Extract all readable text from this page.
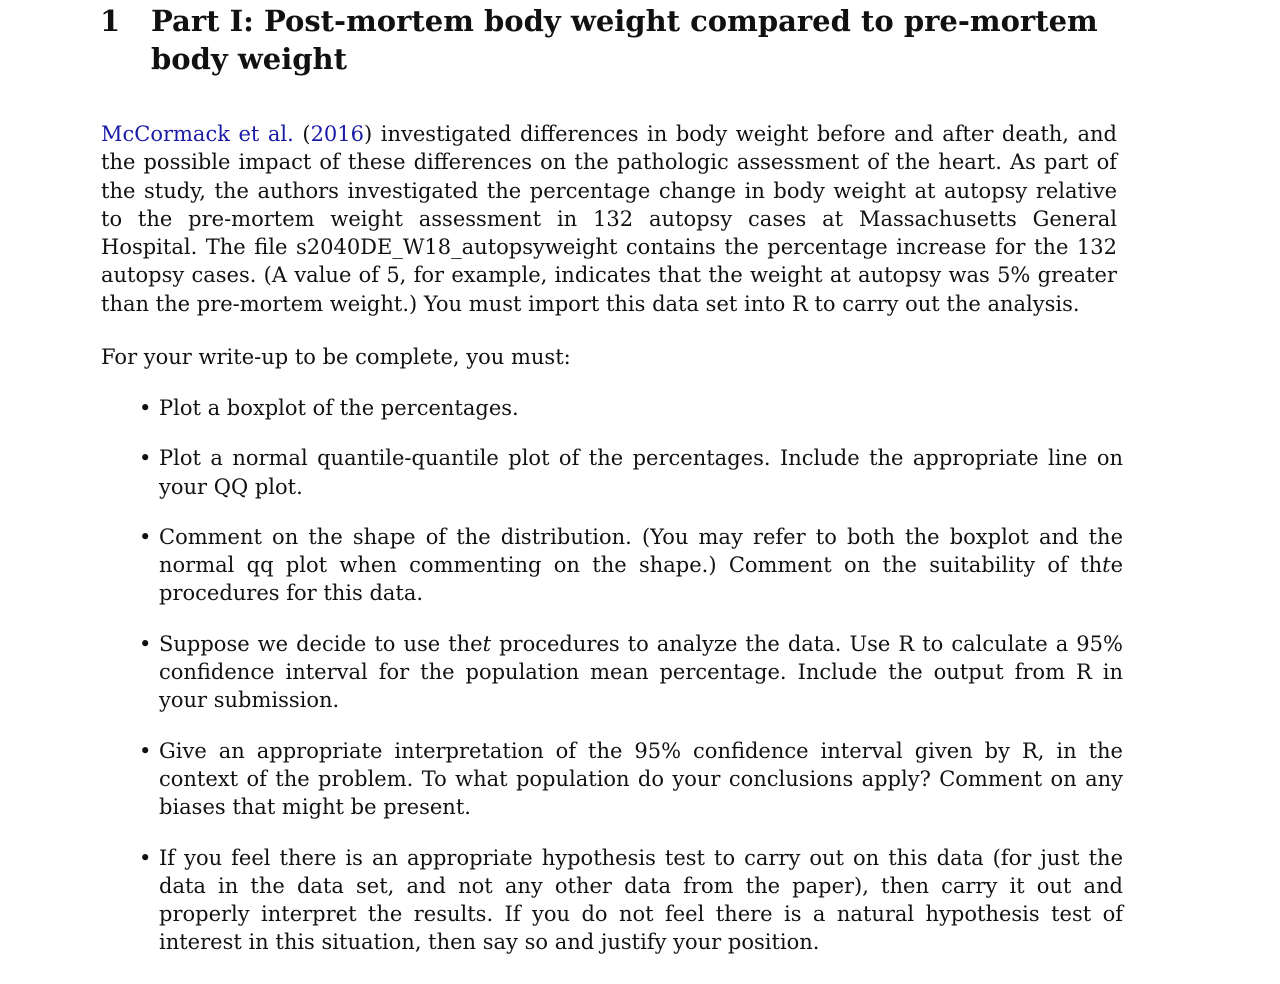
1 Part I: Post-mortem body weight compared to pre-mortem body weight

McCormack et al. (2016) investigated differences in body weight before and after death, and the possible impact of these differences on the pathologic assessment of the heart. As part of the study, the authors investigated the percentage change in body weight at autopsy relative to the pre-mortem weight assessment in 132 autopsy cases at Massachusetts General Hospital. The file s2040DE_W18_autopsyweight contains the percentage increase for the 132 autopsy cases. (A value of 5, for example, indicates that the weight at autopsy was 5% greater than the pre-mortem weight.) You must import this data set into R to carry out the analysis.

For your write-up to be complete, you must:

• Plot a boxplot of the percentages.
• Plot a normal quantile-quantile plot of the percentages. Include the appropriate line on your QQ plot.
• Comment on the shape of the distribution. (You may refer to both the boxplot and the normal qq plot when commenting on the shape.) Comment on the suitability of thte procedures for this data.
• Suppose we decide to use thet procedures to analyze the data. Use R to calculate a 95% confidence interval for the population mean percentage. Include the output from R in your submission.
• Give an appropriate interpretation of the 95% confidence interval given by R, in the context of the problem. To what population do your conclusions apply? Comment on any biases that might be present.
• If you feel there is an appropriate hypothesis test to carry out on this data (for just the data in the data set, and not any other data from the paper), then carry it out and properly interpret the results. If you do not feel there is a natural hypothesis test of interest in this situation, then say so and justify your position.
